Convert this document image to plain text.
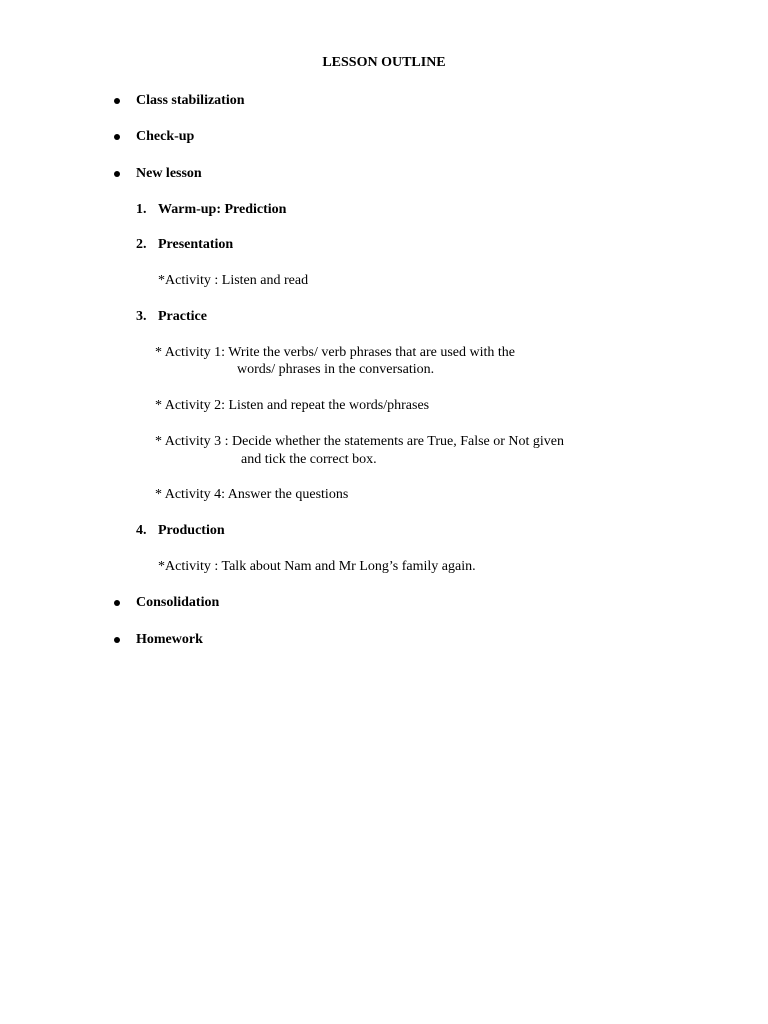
LESSON OUTLINE
Class stabilization
Check-up
New lesson
1. Warm-up: Prediction
2. Presentation
*Activity : Listen and read
3. Practice
* Activity 1: Write the verbs/ verb phrases that are used with the
words/ phrases in the conversation.
* Activity 2: Listen and repeat the words/phrases
* Activity 3 : Decide whether the statements are True, False or Not given
and tick the correct box.
* Activity 4: Answer the questions
4. Production
*Activity : Talk about Nam and Mr Long’s family again.
Consolidation
Homework
